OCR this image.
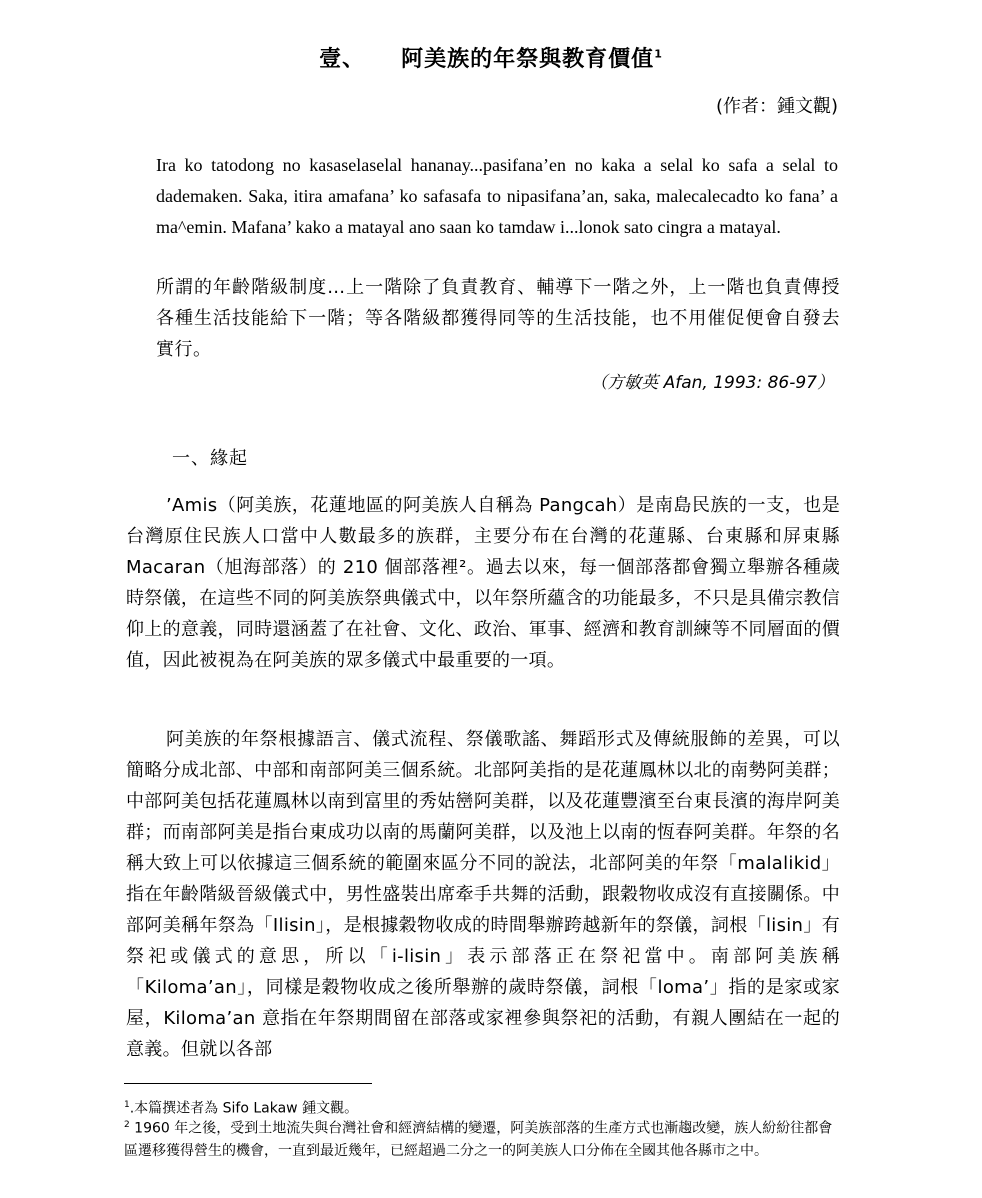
壹、 阿美族的年祭與教育價值$^1$
(作者：鍾文觀)
Ira ko tatodong no kasaselaselal hananay...pasifana’en no kaka a selal ko safa a selal to dademaken. Saka, itira amafana’ ko safasafa to nipasifana’an, saka, malecalecadto ko fana’ a ma^emin. Mafana’ kako a matayal ano saan ko tamdaw i...lonok sato cingra a matayal.
所謂的年齡階級制度…上一階除了負責教育、輔導下一階之外，上一階也負責傳授各種生活技能給下一階；等各階級都獲得同等的生活技能，也不用催促便會自發去實行。
（方敏英 Afan, 1993: 86-97）
一、緣起

’Amis（阿美族，花蓮地區的阿美族人自稱為 Pangcah）是南島民族的一支，也是台灣原住民族人口當中人數最多的族群，主要分布在台灣的花蓮縣、台東縣和屏東縣 Macaran（旭海部落）的 210 個部落裡²。過去以來，每一個部落都會獨立舉辦各種歲時祭儀，在這些不同的阿美族祭典儀式中，以年祭所蘊含的功能最多，不只是具備宗教信仰上的意義，同時還涵蓋了在社會、文化、政治、軍事、經濟和教育訓練等不同層面的價值，因此被視為在阿美族的眾多儀式中最重要的一項。

阿美族的年祭根據語言、儀式流程、祭儀歌謠、舞蹈形式及傳統服飾的差異，可以簡略分成北部、中部和南部阿美三個系統。北部阿美指的是花蓮鳳林以北的南勢阿美群；中部阿美包括花蓮鳳林以南到富里的秀姑巒阿美群，以及花蓮豐濱至台東長濱的海岸阿美群；而南部阿美是指台東成功以南的馬蘭阿美群，以及池上以南的恆春阿美群。年祭的名稱大致上可以依據這三個系統的範圍來區分不同的說法，北部阿美的年祭「malalikid」指在年齡階級晉級儀式中，男性盛裝出席牽手共舞的活動，跟穀物收成沒有直接關係。中部阿美稱年祭為「Ilisin」，是根據穀物收成的時間舉辦跨越新年的祭儀，詞根「lisin」有祭祀或儀式的意思，所以「i-lisin」表示部落正在祭祀當中。南部阿美族稱「Kiloma’an」，同樣是穀物收成之後所舉辦的歲時祭儀，詞根「loma’」指的是家或家屋，Kiloma’an 意指在年祭期間留在部落或家裡參與祭祀的活動，有親人團結在一起的意義。但就以各部

$^1$.本篇撰述者為 Sifo Lakaw 鍾文觀。
$^2$ 1960 年之後，受到土地流失與台灣社會和經濟結構的變遷，阿美族部落的生產方式也漸趨改變，族人紛紛往都會區遷移獲得營生的機會，一直到最近幾年，已經超過二分之一的阿美族人口分佈在全國其他各縣市之中。
